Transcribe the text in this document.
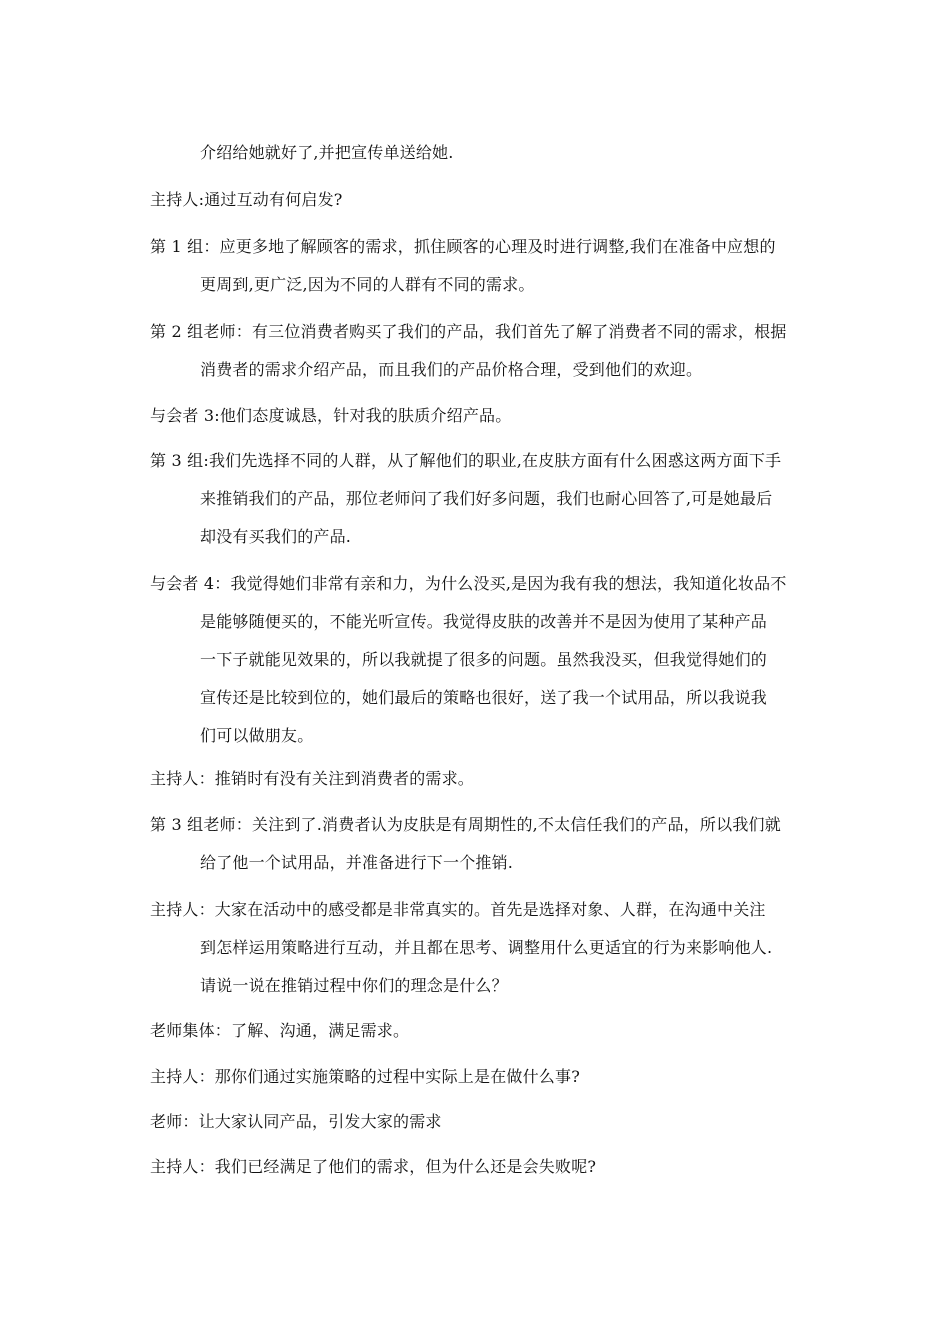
介绍给她就好了,并把宣传单送给她.
主持人:通过互动有何启发?
第 1 组：应更多地了解顾客的需求，抓住顾客的心理及时进行调整,我们在准备中应想的
更周到,更广泛,因为不同的人群有不同的需求。
第 2 组老师：有三位消费者购买了我们的产品，我们首先了解了消费者不同的需求，根据
消费者的需求介绍产品，而且我们的产品价格合理，受到他们的欢迎。
与会者 3:他们态度诚恳，针对我的肤质介绍产品。
第 3 组:我们先选择不同的人群，从了解他们的职业,在皮肤方面有什么困惑这两方面下手
来推销我们的产品，那位老师问了我们好多问题，我们也耐心回答了,可是她最后
却没有买我们的产品.
与会者 4：我觉得她们非常有亲和力，为什么没买,是因为我有我的想法，我知道化妆品不
是能够随便买的，不能光听宣传。我觉得皮肤的改善并不是因为使用了某种产品
一下子就能见效果的，所以我就提了很多的问题。虽然我没买，但我觉得她们的
宣传还是比较到位的，她们最后的策略也很好，送了我一个试用品，所以我说我
们可以做朋友。
主持人：推销时有没有关注到消费者的需求。
第 3 组老师：关注到了.消费者认为皮肤是有周期性的,不太信任我们的产品，所以我们就
给了他一个试用品，并准备进行下一个推销.
主持人：大家在活动中的感受都是非常真实的。首先是选择对象、人群，在沟通中关注
到怎样运用策略进行互动，并且都在思考、调整用什么更适宜的行为来影响他人.
请说一说在推销过程中你们的理念是什么？
老师集体：了解、沟通，满足需求。
主持人：那你们通过实施策略的过程中实际上是在做什么事?
老师：让大家认同产品，引发大家的需求
主持人：我们已经满足了他们的需求，但为什么还是会失败呢?
